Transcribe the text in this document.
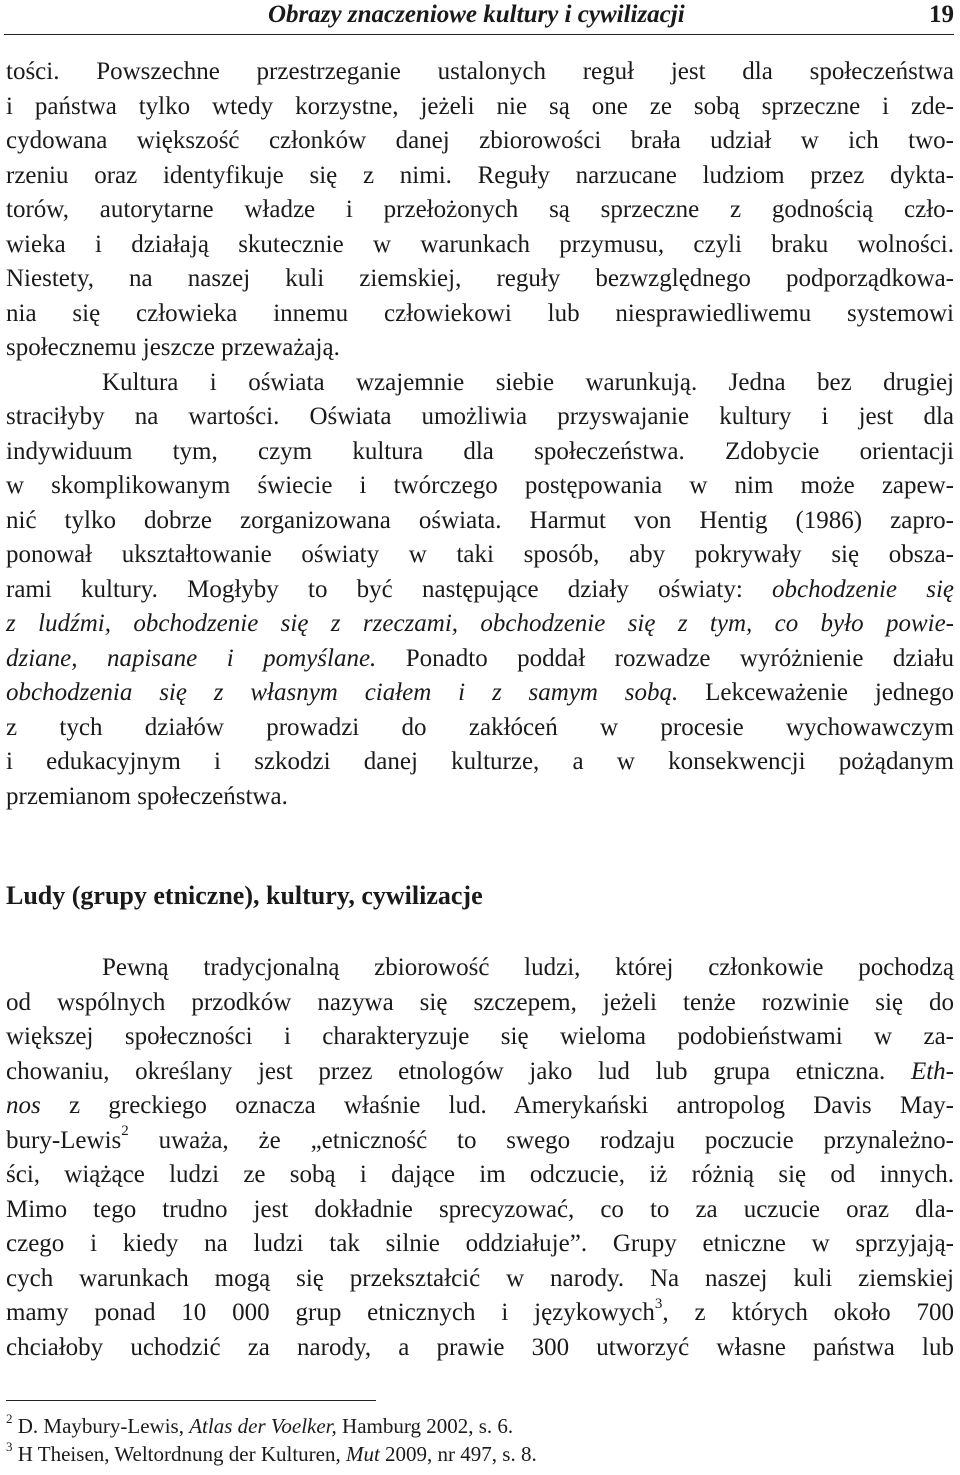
Obrazy znaczeniowe kultury i cywilizacji	19
tości. Powszechne przestrzeganie ustalonych reguł jest dla społeczeństwa
i państwa tylko wtedy korzystne, jeżeli nie są one ze sobą sprzeczne i zde-
cydowana większość członków danej zbiorowości brała udział w ich two-
rzeniu oraz identyfikuje się z nimi. Reguły narzucane ludziom przez dykta-
torów, autorytarne władze i przełożonych są sprzeczne z godnością czło-
wieka i działają skutecznie w warunkach przymusu, czyli braku wolności.
Niestety, na naszej kuli ziemskiej, reguły bezwzględnego podporządkowa-
nia się człowieka innemu człowiekowi lub niesprawiedliwemu systemowi
społecznemu jeszcze przeważają.
Kultura i oświata wzajemnie siebie warunkują. Jedna bez drugiej
straciłyby na wartości. Oświata umożliwia przyswajanie kultury i jest dla
indywiduum tym, czym kultura dla społeczeństwa. Zdobycie orientacji
w skomplikowanym świecie i twórczego postępowania w nim może zapew-
nić tylko dobrze zorganizowana oświata. Harmut von Hentig (1986) zapro-
ponował ukształtowanie oświaty w taki sposób, aby pokrywały się obsza-
rami kultury. Mogłyby to być następujące działy oświaty: obchodzenie się
z ludźmi, obchodzenie się z rzeczami, obchodzenie się z tym, co było powie-
dziane, napisane i pomyślane. Ponadto poddał rozwadze wyróżnienie działu
obchodzenia się z własnym ciałem i z samym sobą. Lekceważenie jednego
z tych działów prowadzi do zakłóceń w procesie wychowawczym
i edukacyjnym i szkodzi danej kulturze, a w konsekwencji pożądanym
przemianom społeczeństwa.
Ludy (grupy etniczne), kultury, cywilizacje
Pewną tradycjonalną zbiorowość ludzi, której członkowie pochodzą
od wspólnych przodków nazywa się szczepem, jeżeli tenże rozwinie się do
większej społeczności i charakteryzuje się wieloma podobieństwami w za-
chowaniu, określany jest przez etnologów jako lud lub grupa etniczna. Eth-
nos z greckiego oznacza właśnie lud. Amerykański antropolog Davis May-
bury-Lewis$^2$ uważa, że „etniczność to swego rodzaju poczucie przynależno-
ści, wiążące ludzi ze sobą i dające im odczucie, iż różnią się od innych.
Mimo tego trudno jest dokładnie sprecyzować, co to za uczucie oraz dla-
czego i kiedy na ludzi tak silnie oddziałuje”. Grupy etniczne w sprzyjają-
cych warunkach mogą się przekształcić w narody. Na naszej kuli ziemskiej
mamy ponad 10 000 grup etnicznych i językowych$^3$, z których około 700
chciałoby uchodzić za narody, a prawie 300 utworzyć własne państwa lub
$^2$ D. Maybury-Lewis, Atlas der Voelker, Hamburg 2002, s. 6.
$^3$ H Theisen, Weltordnung der Kulturen, Mut 2009, nr 497, s. 8.
